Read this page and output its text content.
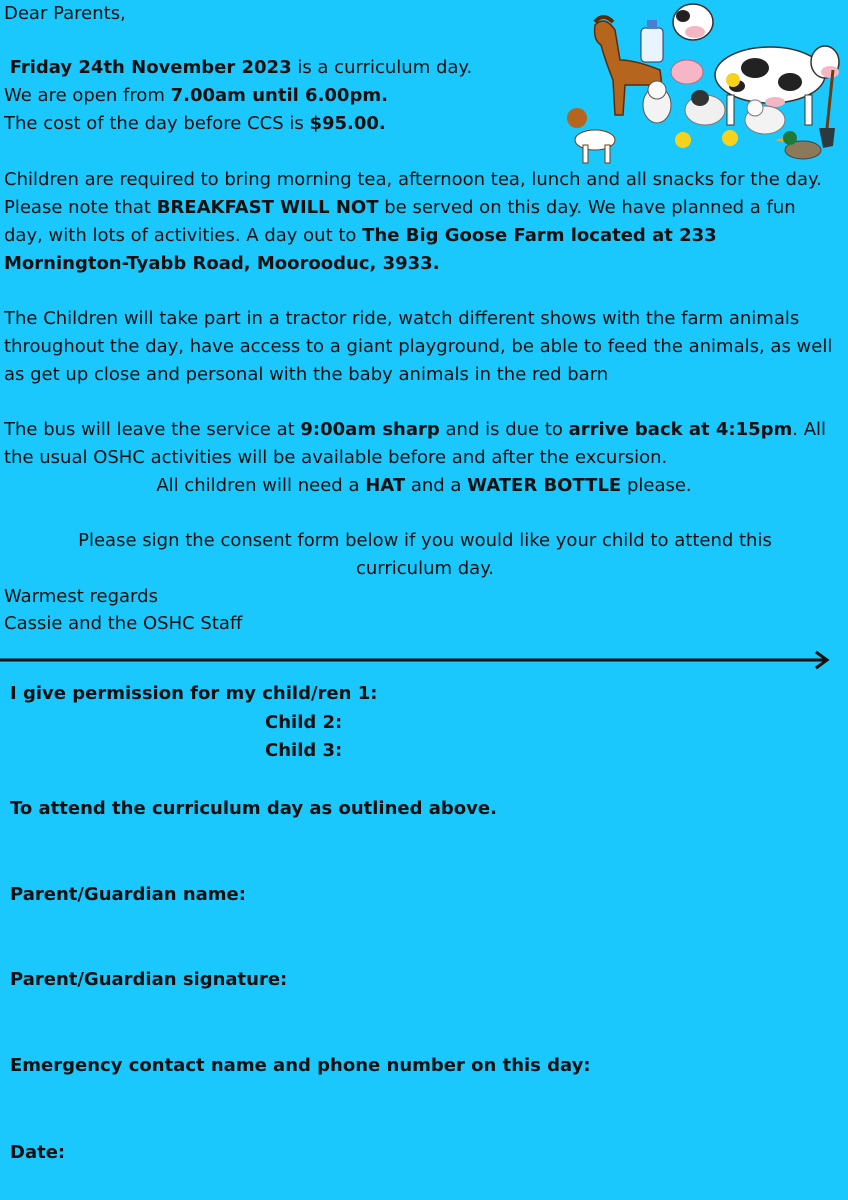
Dear Parents,
Friday 24th November 2023 is a curriculum day.
We are open from 7.00am until 6.00pm.
The cost of the day before CCS is $95.00.
Children are required to bring morning tea, afternoon tea, lunch and all snacks for the day. Please note that BREAKFAST WILL NOT be served on this day. We have planned a fun day, with lots of activities. A day out to The Big Goose Farm located at 233 Mornington-Tyabb Road, Moorooduc, 3933.
The Children will take part in a tractor ride, watch different shows with the farm animals throughout the day, have access to a giant playground, be able to feed the animals, as well as get up close and personal with the baby animals in the red barn
The bus will leave the service at 9:00am sharp and is due to arrive back at 4:15pm. All the usual OSHC activities will be available before and after the excursion.
All children will need a HAT and a WATER BOTTLE please.
Please sign the consent form below if you would like your child to attend this curriculum day.
Warmest regards
Cassie and the OSHC Staff
I give permission for my child/ren 1:
Child 2:
Child 3:
To attend the curriculum day as outlined above.
Parent/Guardian name:
Parent/Guardian signature:
Emergency contact name and phone number on this day:
Date:
